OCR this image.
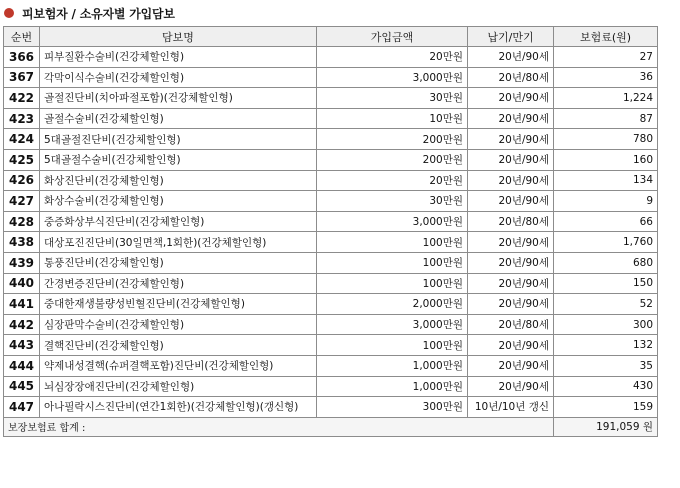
피보험자 / 소유자별 가입담보
순번	담보명	가입금액	납기/만기	보험료(원)
366	피부질환수술비(건강체할인형)	20만원	20년/90세	27
367	각막이식수술비(건강체할인형)	3,000만원	20년/80세	36
422	골절진단비(치아파절포함)(건강체할인형)	30만원	20년/90세	1,224
423	골절수술비(건강체할인형)	10만원	20년/90세	87
424	5대골절진단비(건강체할인형)	200만원	20년/90세	780
425	5대골절수술비(건강체할인형)	200만원	20년/90세	160
426	화상진단비(건강체할인형)	20만원	20년/90세	134
427	화상수술비(건강체할인형)	30만원	20년/90세	9
428	중증화상부식진단비(건강체할인형)	3,000만원	20년/80세	66
438	대상포진진단비(30일면책,1회한)(건강체할인형)	100만원	20년/90세	1,760
439	통풍진단비(건강체할인형)	100만원	20년/90세	680
440	간경변증진단비(건강체할인형)	100만원	20년/90세	150
441	중대한재생불량성빈혈진단비(건강체할인형)	2,000만원	20년/90세	52
442	심장판막수술비(건강체할인형)	3,000만원	20년/80세	300
443	결핵진단비(건강체할인형)	100만원	20년/90세	132
444	약제내성결핵(슈퍼결핵포함)진단비(건강체할인형)	1,000만원	20년/90세	35
445	뇌심장장애진단비(건강체할인형)	1,000만원	20년/90세	430
447	아나필락시스진단비(연간1회한)(건강체할인형)(갱신형)	300만원	10년/10년 갱신	159
보장보험료 합계 :				191,059 원
